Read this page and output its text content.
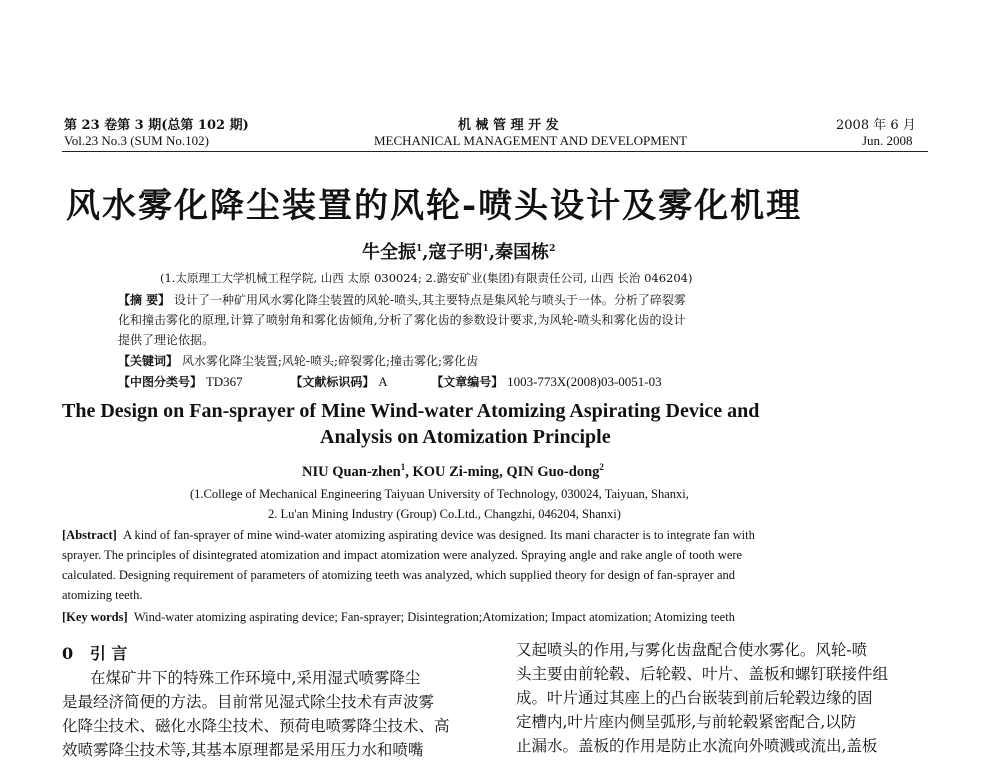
第 23 卷第 3 期(总第 102 期)
Vol.23 No.3 (SUM No.102)
机 械 管 理 开 发
MECHANICAL MANAGEMENT AND DEVELOPMENT
2008 年 6 月
Jun. 2008
风水雾化降尘装置的风轮-喷头设计及雾化机理
牛全振$^1$,寇子明$^1$,秦国栋$^2$
(1.太原理工大学机械工程学院, 山西 太原 030024; 2.潞安矿业(集团)有限责任公司, 山西 长治 046204)
【摘 要】 设计了一种矿用风水雾化降尘装置的风轮-喷头,其主要特点是集风轮与喷头于一体。分析了碎裂雾
化和撞击雾化的原理,计算了喷射角和雾化齿倾角,分析了雾化齿的参数设计要求,为风轮-喷头和雾化齿的设计
提供了理论依据。
【关键词】 风水雾化降尘装置;风轮-喷头;碎裂雾化;撞击雾化;雾化齿
【中图分类号】 TD367	【文献标识码】 A	【文章编号】 1003-773X(2008)03-0051-03
The Design on Fan-sprayer of Mine Wind-water Atomizing Aspirating Device and
Analysis on Atomization Principle
NIU Quan-zhen$^1$, KOU Zi-ming, QIN Guo-dong$^2$
(1.College of Mechanical Engineering Taiyuan University of Technology, 030024, Taiyuan, Shanxi,
2. Lu'an Mining Industry (Group) Co.Ltd., Changzhi, 046204, Shanxi)
[Abstract] A kind of fan-sprayer of mine wind-water atomizing aspirating device was designed. Its mani character is to integrate fan with
sprayer. The principles of disintegrated atomization and impact atomization were analyzed. Spraying angle and rake angle of tooth were
calculated. Designing requirement of parameters of atomizing teeth was analyzed, which supplied theory for design of fan-sprayer and
atomizing teeth.
[Key words] Wind-water atomizing aspirating device; Fan-sprayer; Disintegration;Atomization; Impact atomization; Atomizing teeth
0 引 言
在煤矿井下的特殊工作环境中,采用湿式喷雾降尘
是最经济简便的方法。目前常见湿式除尘技术有声波雾
化降尘技术、磁化水降尘技术、预荷电喷雾降尘技术、高
效喷雾降尘技术等,其基本原理都是采用压力水和喷嘴
又起喷头的作用,与雾化齿盘配合使水雾化。风轮-喷
头主要由前轮毂、后轮毂、叶片、盖板和螺钉联接件组
成。叶片通过其座上的凸台嵌装到前后轮毂边缘的固
定槽内,叶片座内侧呈弧形,与前轮毂紧密配合,以防
止漏水。盖板的作用是防止水流向外喷溅或流出,盖板
